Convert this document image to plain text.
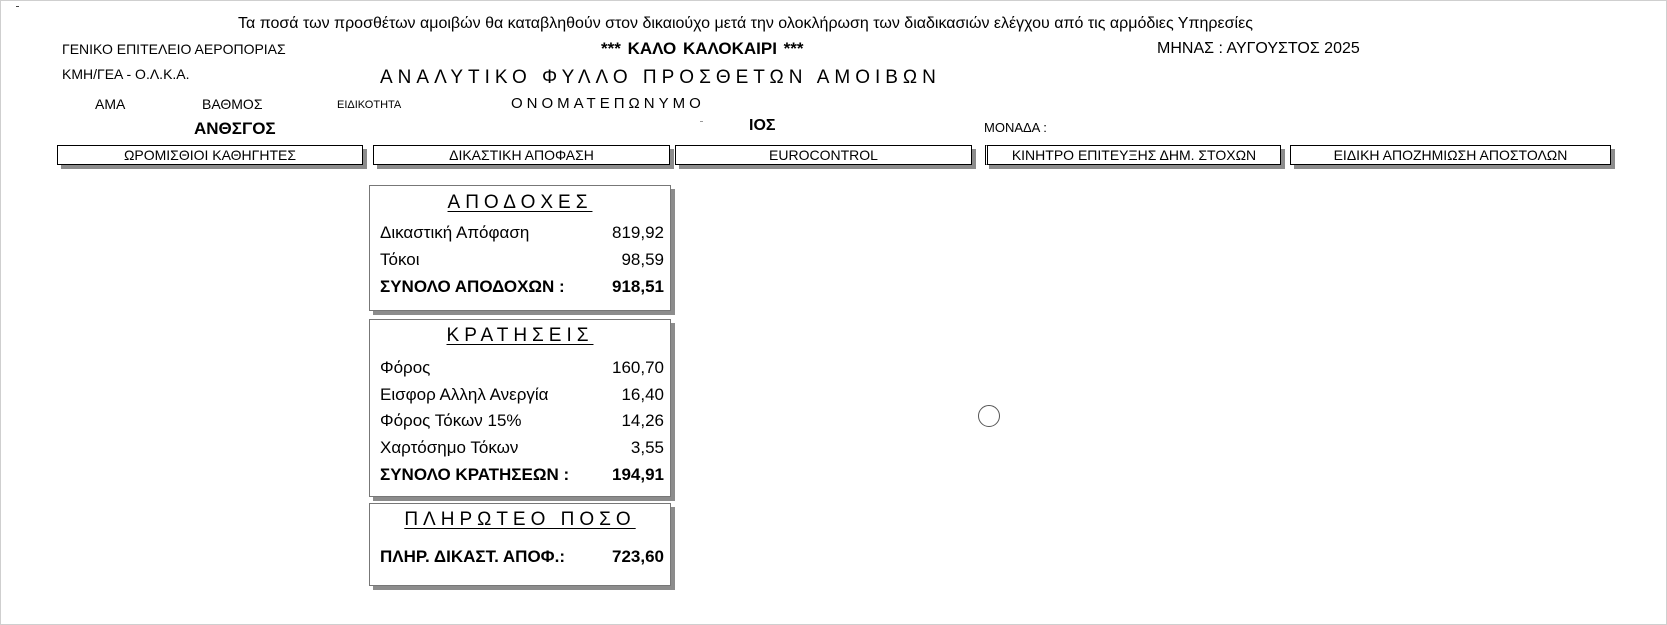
Τα ποσά των προσθέτων αμοιβών θα καταβληθούν στον δικαιούχο μετά την ολοκλήρωση των διαδικασιών ελέγχου από τις αρμόδιες Υπηρεσίες
ΓΕΝΙΚΟ ΕΠΙΤΕΛΕΙΟ ΑΕΡΟΠΟΡΙΑΣ
ΚΜΗ/ΓΕΑ - Ο.Λ.Κ.Α.
*** ΚΑΛΟ ΚΑΛΟΚΑΙΡΙ ***	ΜΗΝΑΣ : ΑΥΓΟΥΣΤΟΣ 2025
ΑΝΑΛΥΤΙΚΟ ΦΥΛΛΟ ΠΡΟΣΘΕΤΩΝ ΑΜΟΙΒΩΝ
ΑΜΑ	ΒΑΘΜΟΣ	ΕΙΔΙΚΟΤΗΤΑ	ΟΝΟΜΑΤΕΠΩΝΥΜΟ
ΑΝΘΣΓΟΣ	ΙΟΣ	ΜΟΝΑΔΑ :
ΩΡΟΜΙΣΘΙΟΙ ΚΑΘΗΓΗΤΕΣ	ΔΙΚΑΣΤΙΚΗ ΑΠΟΦΑΣΗ	EUROCONTROL	ΚΙΝΗΤΡΟ ΕΠΙΤΕΥΞΗΣ ΔΗΜ. ΣΤΟΧΩΝ	ΕΙΔΙΚΗ ΑΠΟΖΗΜΙΩΣΗ ΑΠΟΣΤΟΛΩΝ
ΑΠΟΔΟΧΕΣ
Δικαστική Απόφαση	819,92
Τόκοι	98,59
ΣΥΝΟΛΟ ΑΠΟΔΟΧΩΝ :	918,51
ΚΡΑΤΗΣΕΙΣ
Φόρος	160,70
Εισφορ Αλληλ Ανεργία	16,40
Φόρος Τόκων 15%	14,26
Χαρτόσημο Τόκων	3,55
ΣΥΝΟΛΟ ΚΡΑΤΗΣΕΩΝ :	194,91
ΠΛΗΡΩΤΕΟ ΠΟΣΟ
ΠΛΗΡ. ΔΙΚΑΣΤ. ΑΠΟΦ.:	723,60
